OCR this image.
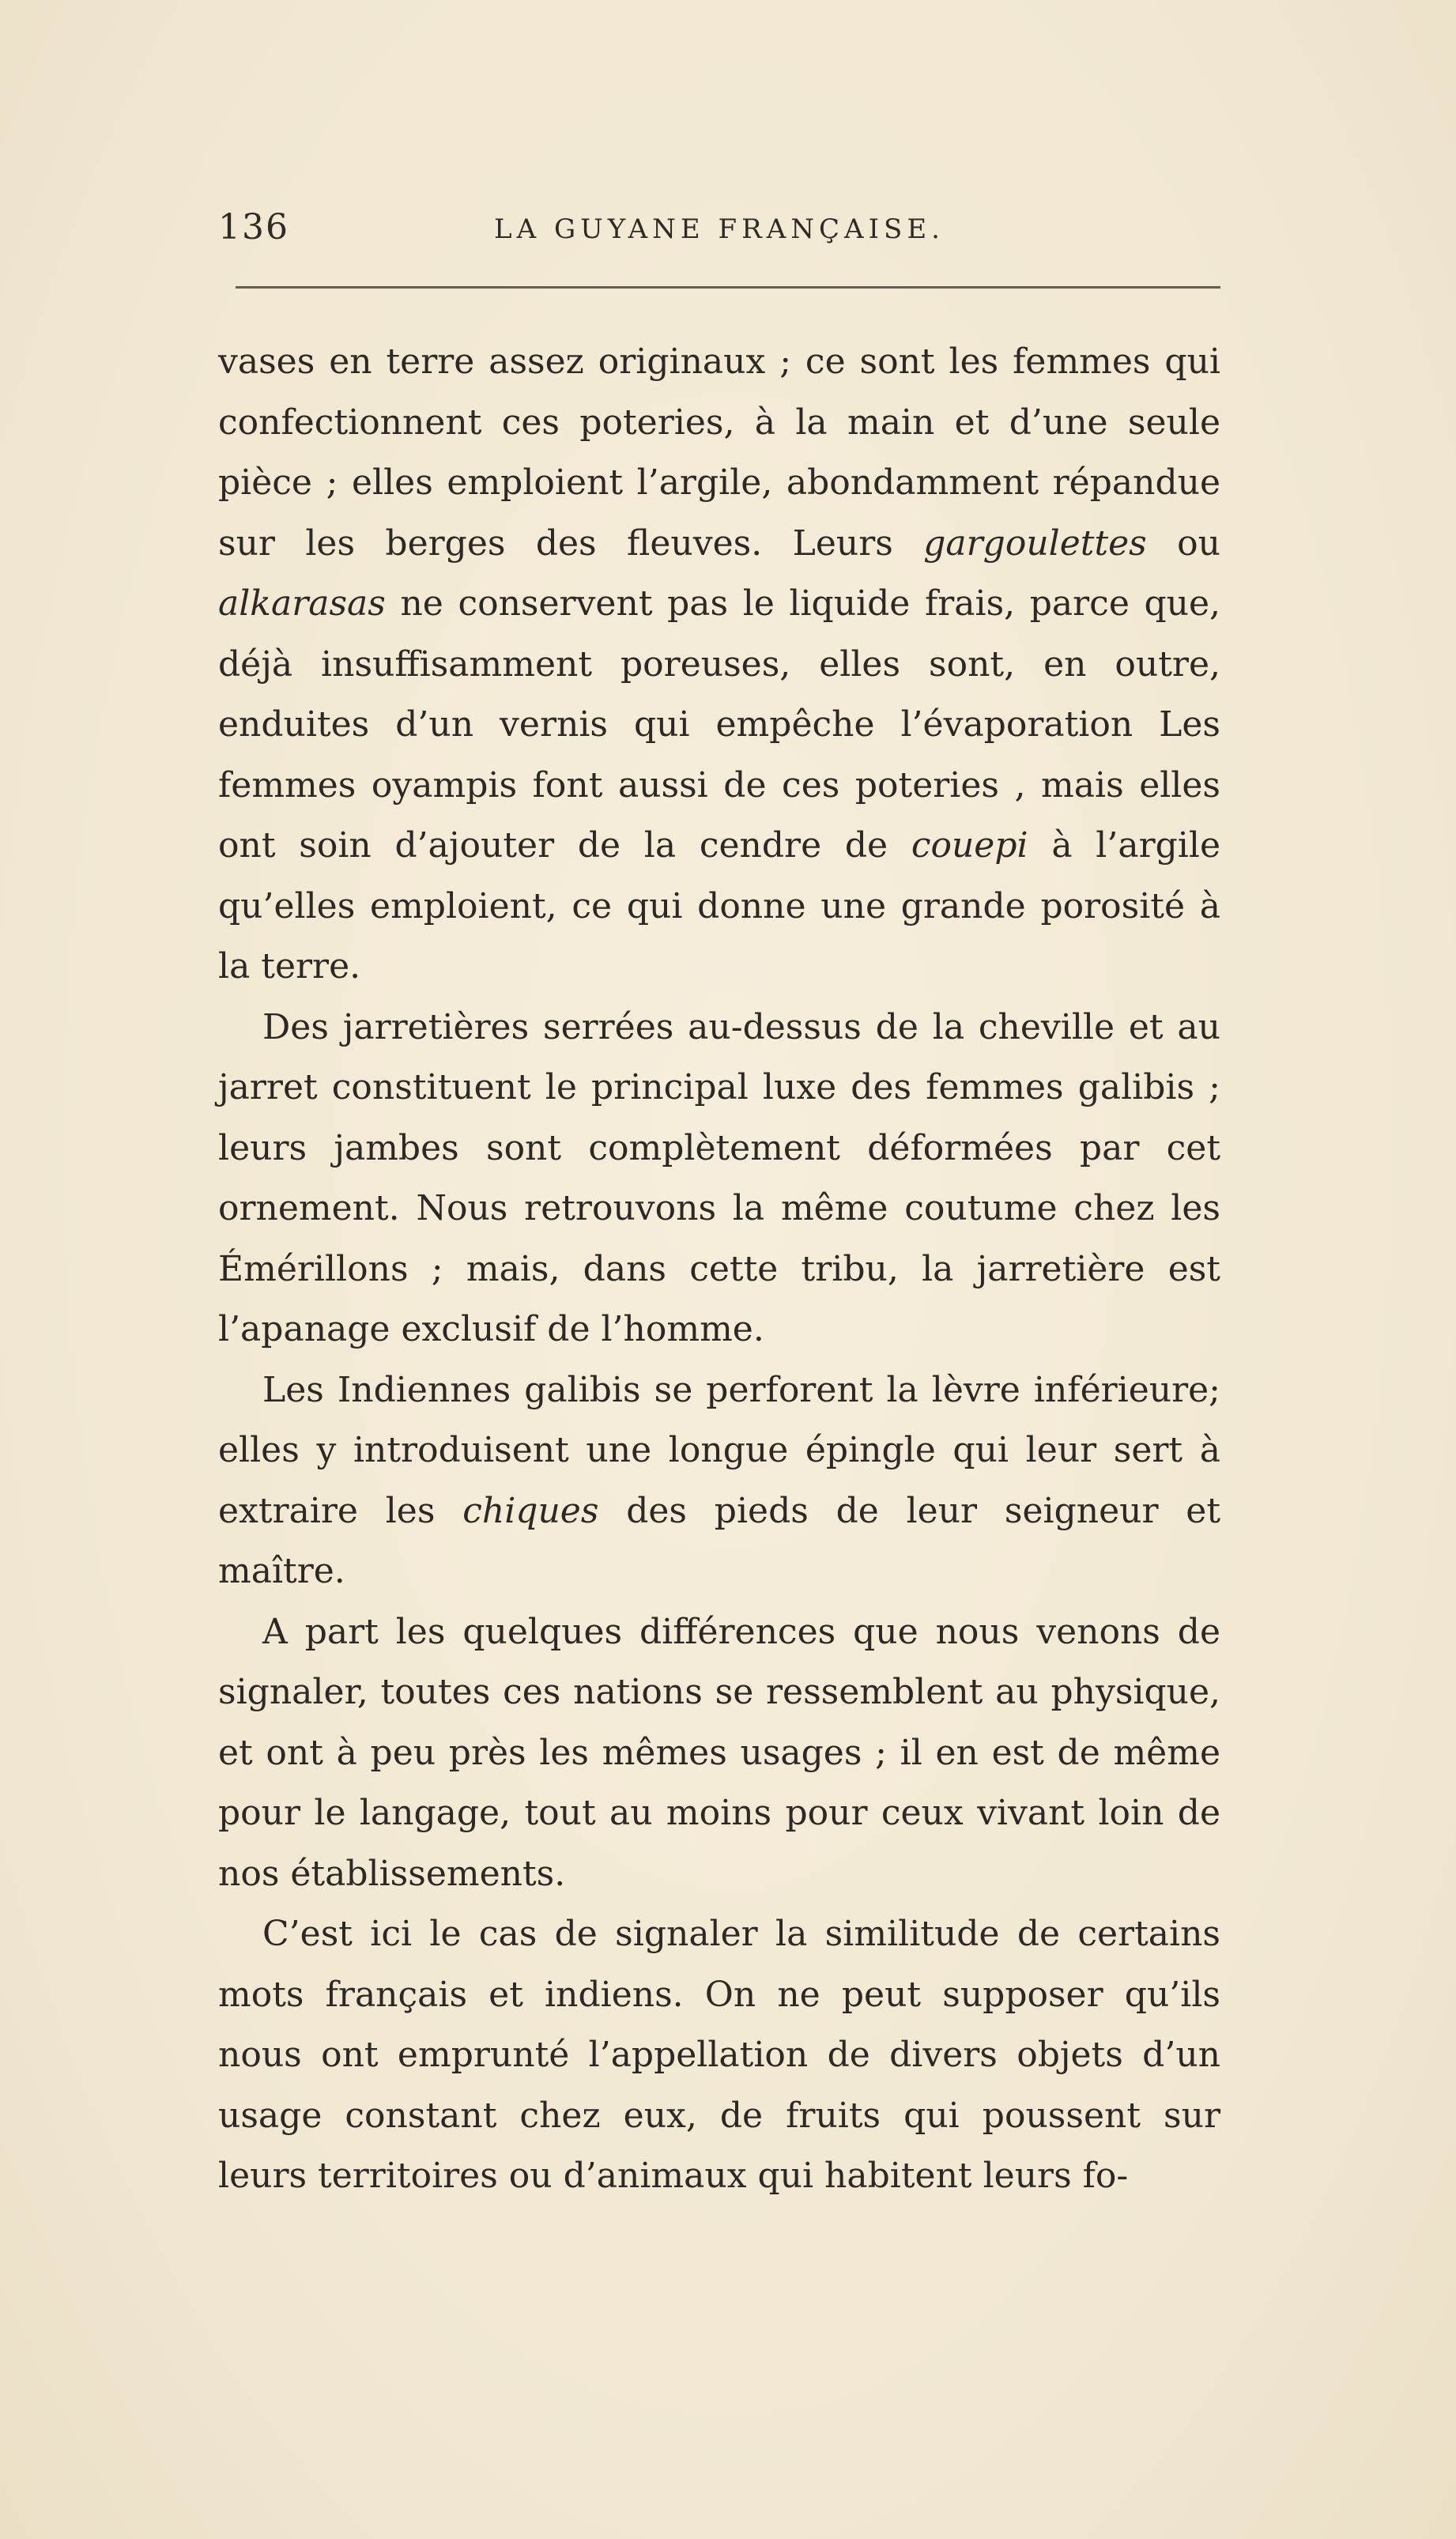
136	LA GUYANE FRANÇAISE.

vases en terre assez originaux ; ce sont les femmes qui confectionnent ces poteries, à la main et d’une seule pièce ; elles emploient l’argile, abondamment répandue sur les berges des fleuves. Leurs gargoulettes ou alkarasas ne conservent pas le liquide frais, parce que, déjà insuffisamment poreuses, elles sont, en outre, enduites d’un vernis qui empêche l’évaporation Les femmes oyampis font aussi de ces poteries , mais elles ont soin d’ajouter de la cendre de couepi à l’argile qu’elles emploient, ce qui donne une grande porosité à la terre.

Des jarretières serrées au-dessus de la cheville et au jarret constituent le principal luxe des femmes galibis ; leurs jambes sont complètement déformées par cet ornement. Nous retrouvons la même coutume chez les Émérillons ; mais, dans cette tribu, la jarretière est l’apanage exclusif de l’homme.

Les Indiennes galibis se perforent la lèvre inférieure; elles y introduisent une longue épingle qui leur sert à extraire les chiques des pieds de leur seigneur et maître.

A part les quelques différences que nous venons de signaler, toutes ces nations se ressemblent au physique, et ont à peu près les mêmes usages ; il en est de même pour le langage, tout au moins pour ceux vivant loin de nos établissements.

C’est ici le cas de signaler la similitude de certains mots français et indiens. On ne peut supposer qu’ils nous ont emprunté l’appellation de divers objets d’un usage constant chez eux, de fruits qui poussent sur leurs territoires ou d’animaux qui habitent leurs fo-
